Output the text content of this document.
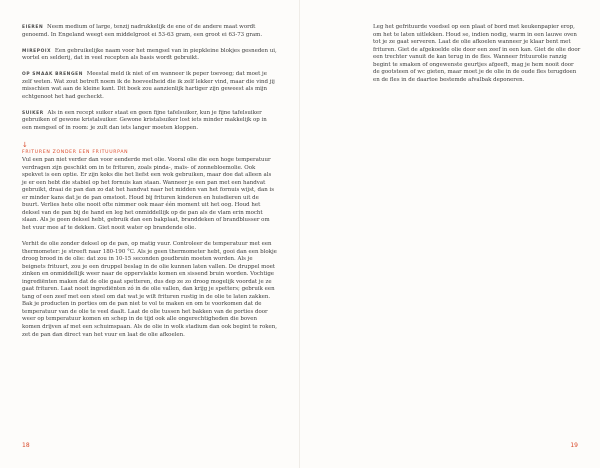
EIEREN Neem medium of large, tenzij nadrukkelijk de ene of de andere maat wordt genoemd. In Engeland weegt een middelgroot ei 53-63 gram, een groot ei 63-73 gram.

MIREPOIX Een gebruikelijke naam voor het mengsel van in piepkleine blokjes gesneden ui, wortel en selderij, dat in veel recepten als basis wordt gebruikt.

OP SMAAK BRENGEN Meestal meld ik niet of en wanneer ik peper toevoeg; dat moet je zelf weten. Wat zout betreft noem ik de hoeveelheid die ik zelf lekker vind, maar die vind jij misschien wat aan de kleine kant. Dit boek zou aanzienlijk hartiger zijn geweest als mijn echtgenoot het had gecheckt.

SUIKER Als in een recept suiker staat en geen fijne tafelsuiker, kun je fijne tafelsuiker gebruiken of gewone kristalsuiker. Gewone kristalsuiker lost iets minder makkelijk op in een mengsel of in room: je zult dan iets langer moeten kloppen.

↓
FRITUREN ZONDER EEN FRITUURPAN

Vul een pan niet verder dan voor eenderde met olie. Vooral olie die een hoge temperatuur verdragen zijn geschikt om in te frituren, zoals pinda-, maïs- of zonnebloemolie. Ook spekvet is een optie. Er zijn koks die het liefst een wok gebruiken, maar doe dat alleen als je er een hebt die stabiel op het fornuis kan staan. Wanneer je een pan met een handvat gebruikt, draai de pan dan zo dat het handvat naar het midden van het fornuis wijst, dan is er minder kans dat je de pan omstoot. Houd bij frituren kinderen en huisdieren uit de buurt. Verlies hete olie nooit ofte nimmer ook maar één moment uit het oog. Houd het deksel van de pan bij de hand en leg het onmiddellijk op de pan als de vlam erin mocht slaan. Als je geen deksel hebt, gebruik dan een bakplaat, branddeken of brandblusser om het vuur mee af te dekken. Giet nooit water op brandende olie.

Verhit de olie zonder deksel op de pan, op matig vuur. Controleer de temperatuur met een thermometer: je streeft naar 180-190 °C. Als je geen thermometer hebt, gooi dan een blokje droog brood in de olie: dat zou in 10-15 seconden goudbruin moeten worden. Als je beignets frituurt, zou je een druppel beslag in de olie kunnen laten vallen. De druppel moet zinken en onmiddellijk weer naar de oppervlakte komen en sissend bruin worden. Vochtige ingrediënten maken dat de olie gaat spetteren, dus dep ze zo droog mogelijk voordat je ze gaat frituren. Laat nooit ingrediënten zó in de olie vallen, dan krijg je spetters; gebruik een tang of een zeef met een steel om dat wat je wilt frituren rustig in de olie te laten zakken. Bak je producten in porties om de pan niet te vol te maken en om te voorkomen dat de temperatuur van de olie te veel daalt. Laat de olie tussen het bakken van de porties door weer op temperatuur komen en schep in de tijd ook alle ongerechtigheden die boven komen drijven af met een schuimspaan. Als de olie in wolk stadium dan ook begint te roken, zet de pan dan direct van het vuur en laat de olie afkoelen.

18

Leg het gefrituurde voedsel op een plaat of bord met keukenpapier erop, om het te laten uitlekken. Houd se, indien nodig, warm in een lauwe oven tot je ze gaat serveren. Laat de olie afkoelen wanneer je klaar bent met frituren. Giet de afgekoelde olie door een zeef in een kan. Giet de olie door een trechter vanuit de kan terug in de fles. Wanneer frituurolie ranzig begint te smaken of ongewenste geurtjes afgeeft, mag je hem nooit door de gootsteen of wc gieten, maar moet je de olie in de oude fles terugdoen en de fles in de daartoe bestemde afvalbak deponeren.

19
